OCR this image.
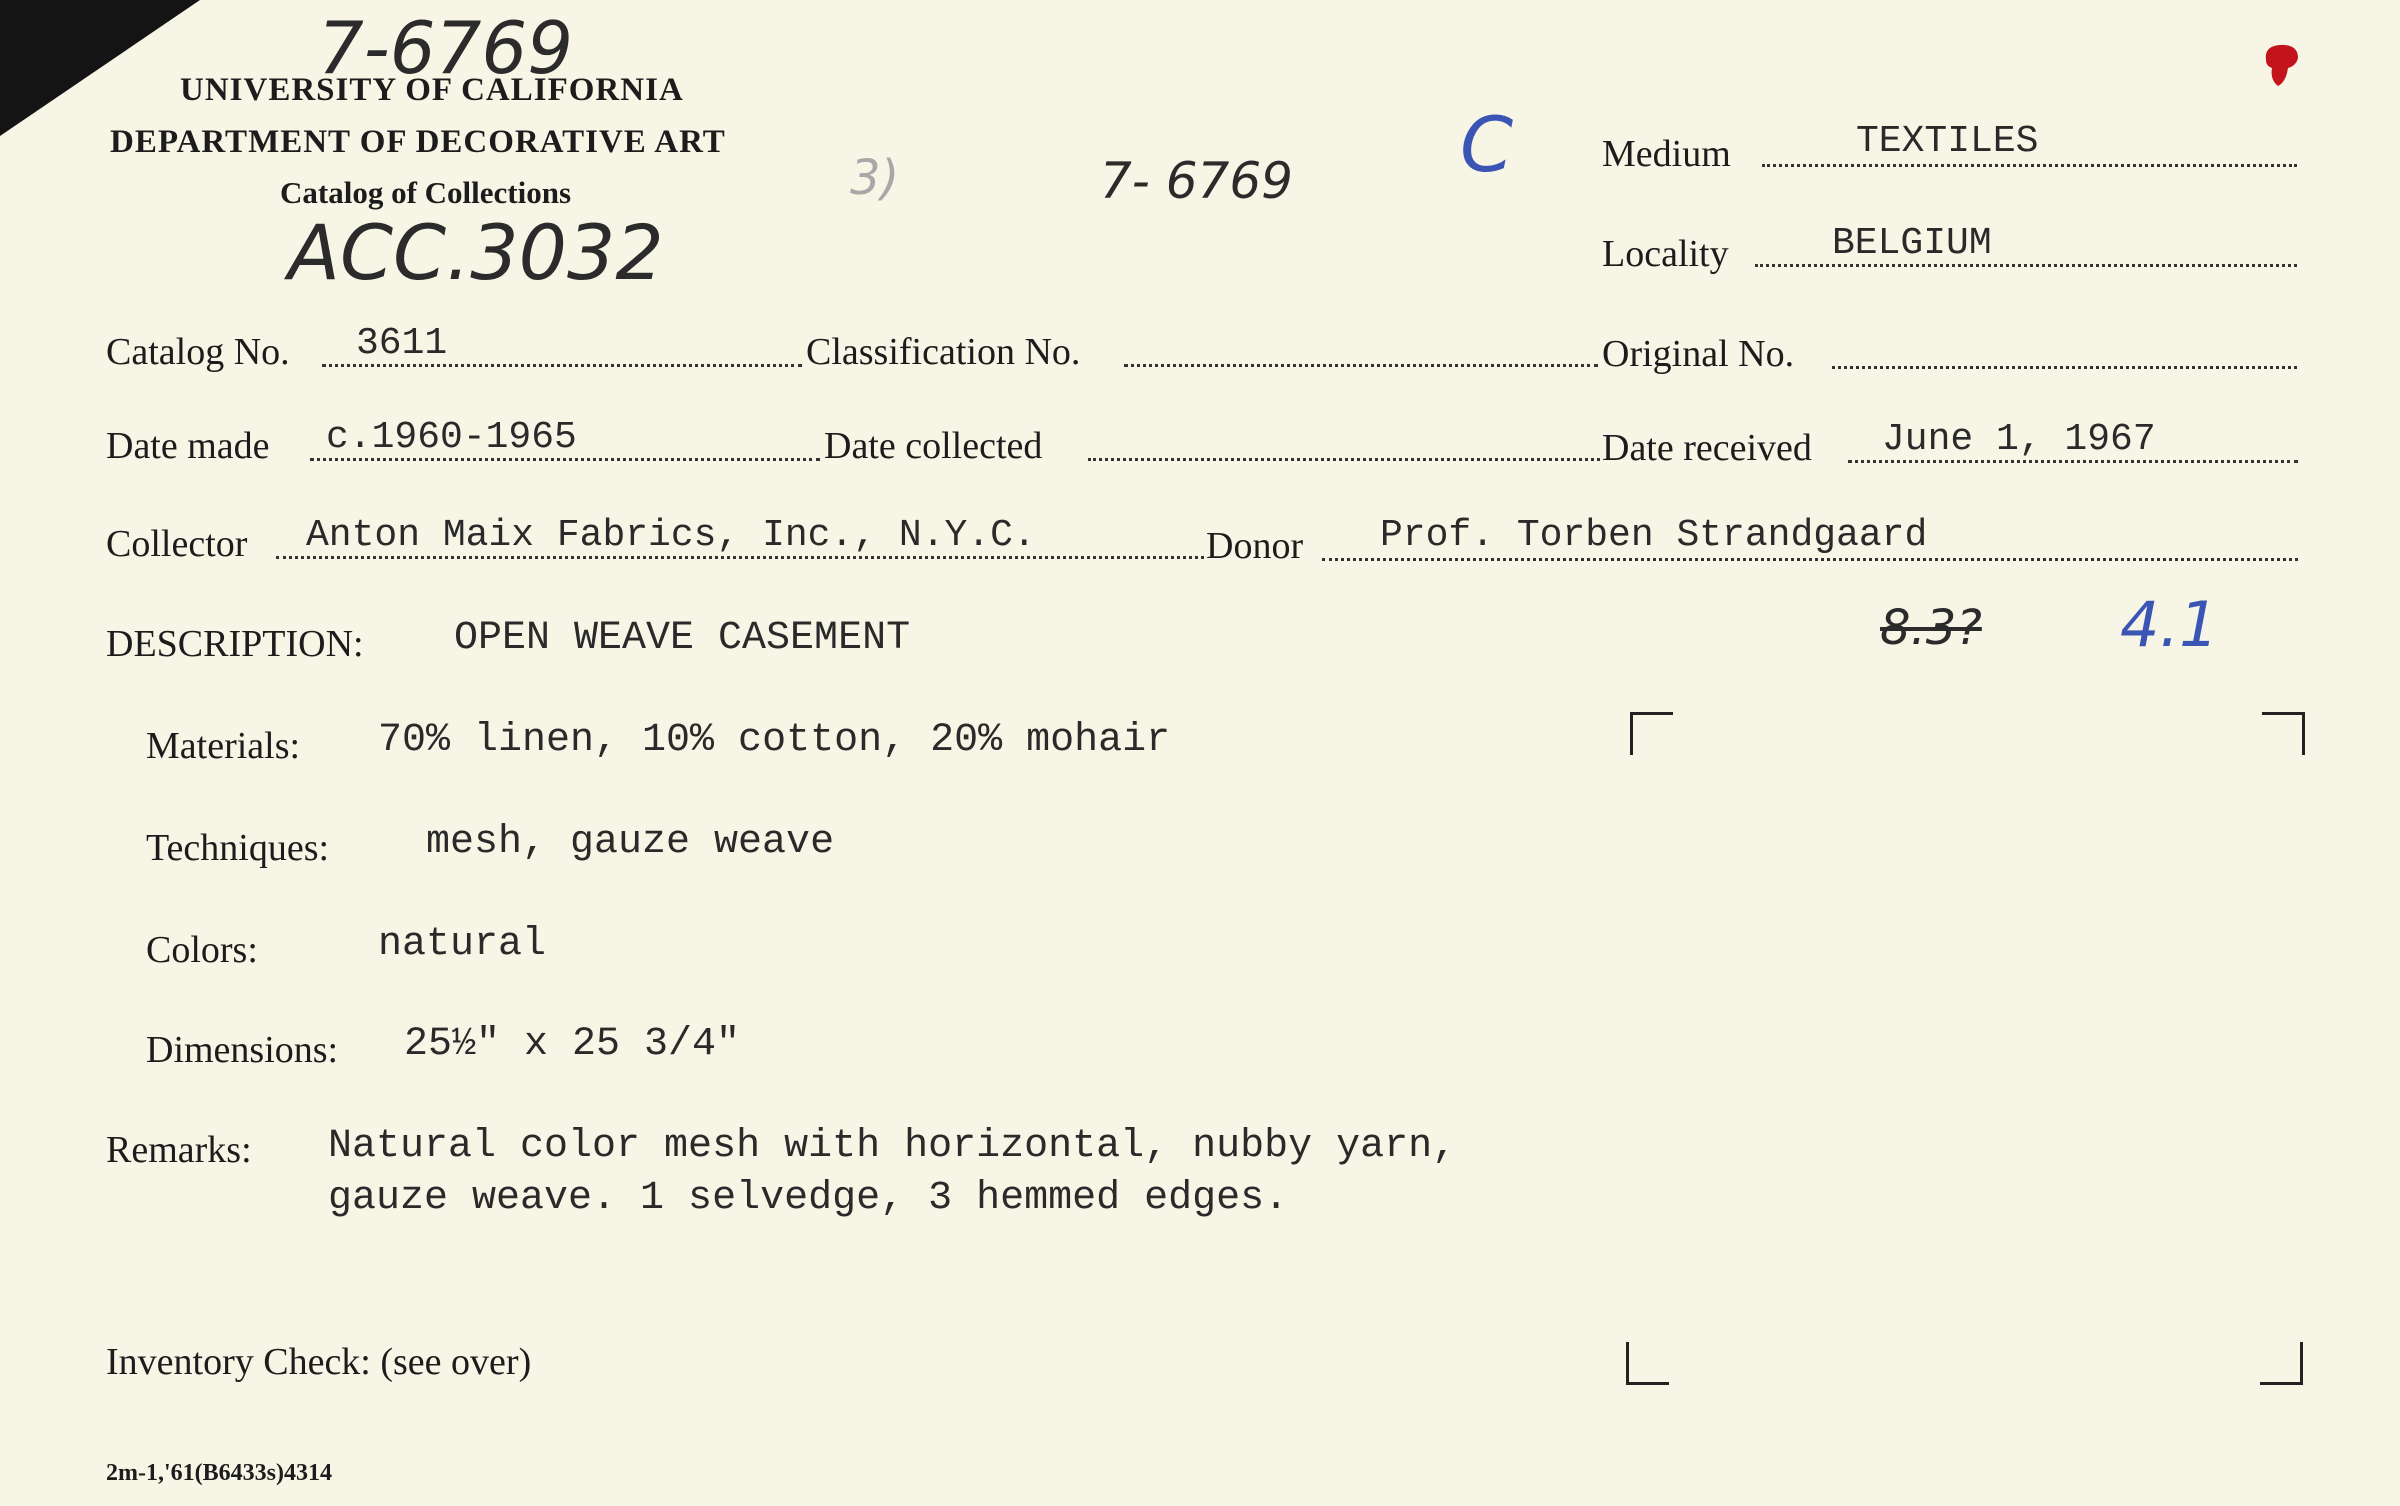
UNIVERSITY OF CALIFORNIA
DEPARTMENT OF DECORATIVE ART
Catalog of Collections
7-6769
ACC.3032
3)	7- 6769 C Medium	TEXTILES
Locality	BELGIUM
Catalog No. 3611	Classification No.	Original No.
Date made c.1960-1965	Date collected	Date received June 1, 1967
Collector Anton Maix Fabrics, Inc., N.Y.C.	Donor Prof. Torben Strandgaard
DESCRIPTION: OPEN WEAVE CASEMENT	8.3? 4.1
Materials: 70% linen, 10% cotton, 20% mohair
Techniques: mesh, gauze weave
Colors:	natural
Dimensions: 25½" x 25 3/4"
Remarks: Natural color mesh with horizontal, nubby yarn,
gauze weave. 1 selvedge, 3 hemmed edges.
Inventory Check: (see over)
2m-1,'61(B6433s)4314
